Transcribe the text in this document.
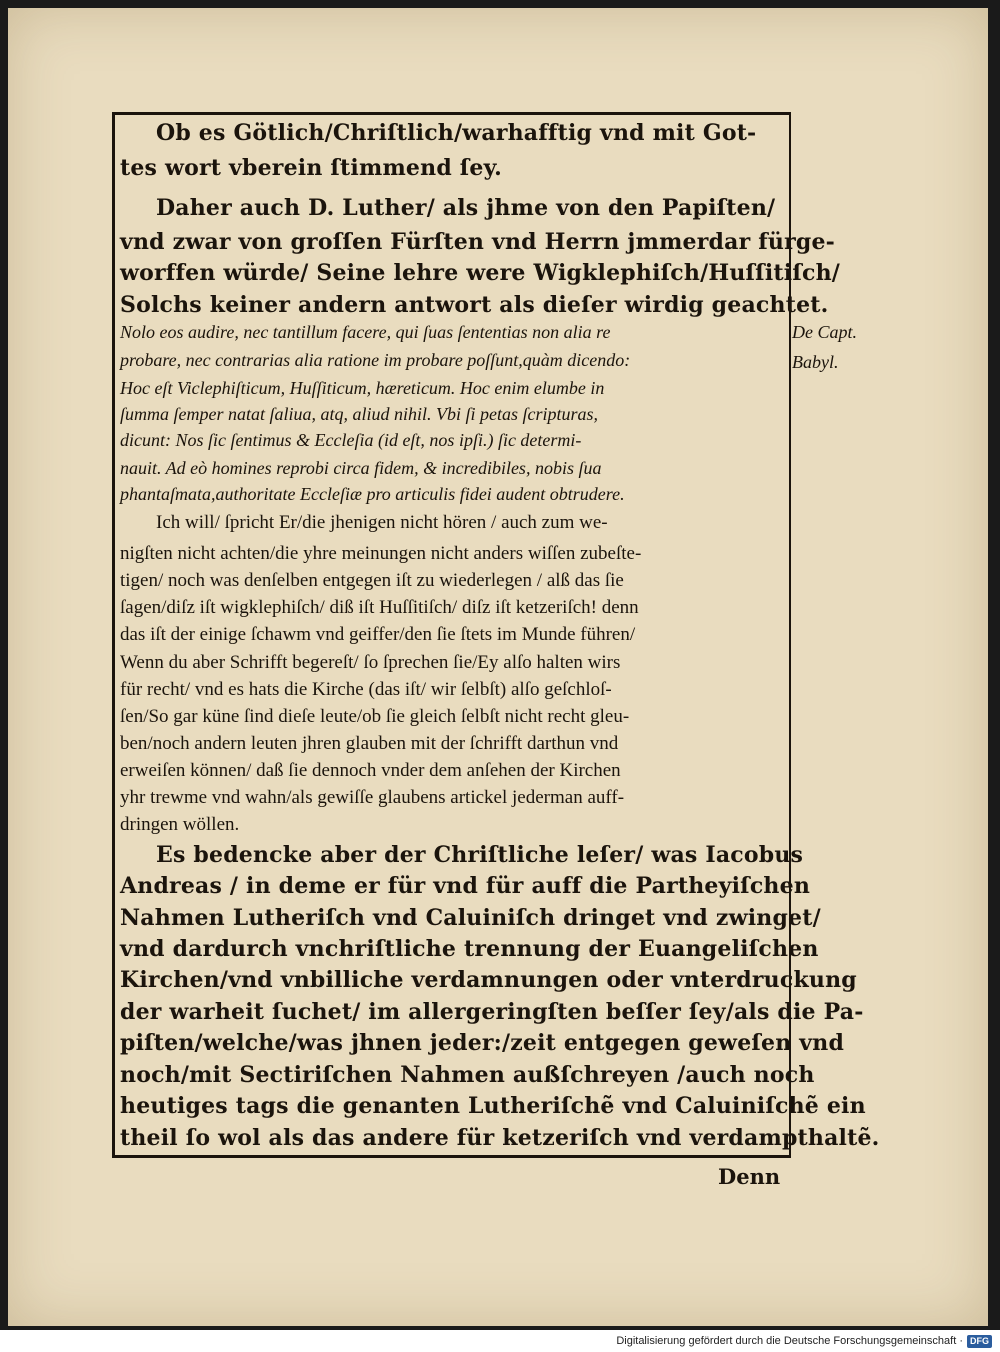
Ob es Gӧtlich/Chriſtlich/warhafftig vnd mit Got-
tes wort vberein ſtimmend ſey.
Daher auch D. Luther/ als jhme von den Papiſten/
vnd zwar von groſſen Fürſten vnd Herrn jmmerdar fürge-
worffen würde/ Seine lehre were Wigklephiſch/Huſſitiſch/
Solchs keiner andern antwort als dieſer wirdig geachtet.
Nolo eos audire, nec tantillum facere, qui ſuas ſententias non alia re
probare, nec contrarias alia ratione im probare poſſunt,quàm dicendo:
Hoc eſt Viclephiſticum, Huſſiticum, hæreticum. Hoc enim elumbe in
ſumma ſemper natat ſaliua, atq, aliud nihil. Vbi ſi petas ſcripturas,
dicunt: Nos ſic ſentimus & Eccleſia (id eſt, nos ipſi.) ſic determi-
nauit. Ad eò homines reprobi circa fidem, & incredibiles, nobis ſua
phantaſmata,authoritate Eccleſiæ pro articulis fidei audent obtrudere.
Ich will/ ſpricht Er/die jhenigen nicht hören / auch zum we-
nigſten nicht achten/die yhre meinungen nicht anders wiſſen zubeſte-
tigen/ noch was denſelben entgegen iſt zu wiederlegen / alß das ſie
ſagen/diſz iſt wigklephiſch/ diß iſt Huſſitiſch/ diſz iſt ketzeriſch! denn
das iſt der einige ſchawm vnd geiffer/den ſie ſtets im Munde führen/
Wenn du aber Schrifft begereſt/ ſo ſprechen ſie/Ey alſo halten wirs
für recht/ vnd es hats die Kirche (das iſt/ wir ſelbſt) alſo geſchloſ-
ſen/So gar küne ſind dieſe leute/ob ſie gleich ſelbſt nicht recht gleu-
ben/noch andern leuten jhren glauben mit der ſchrifft darthun vnd
erweiſen können/ daß ſie dennoch vnder dem anſehen der Kirchen
yhr trewme vnd wahn/als gewiſſe glaubens artickel jederman auff-
dringen wöllen.
Es bedencke aber der Chriſtliche leſer/ was Iacobus
Andreas / in deme er für vnd für auff die Partheyiſchen
Nahmen Lutheriſch vnd Caluiniſch dringet vnd zwinget/
vnd dardurch vnchriſtliche trennung der Euangeliſchen
Kirchen/vnd vnbilliche verdamnungen oder vnterdruckung
der warheit ſuchet/ im allergeringſten beſſer ſey/als die Pa-
piſten/welche/was jhnen jeder:/zeit entgegen geweſen vnd
noch/mit Sectiriſchen Nahmen außſchreyen /auch noch
heutiges tags die genanten Lutheriſchẽ vnd Caluiniſchẽ ein
theil ſo wol als das andere für ketzeriſch vnd verdampthaltẽ.
De Capt.
Babyl.
Denn
Digitalisierung gefördert durch die Deutsche Forschungsgemeinschaft · DFG
